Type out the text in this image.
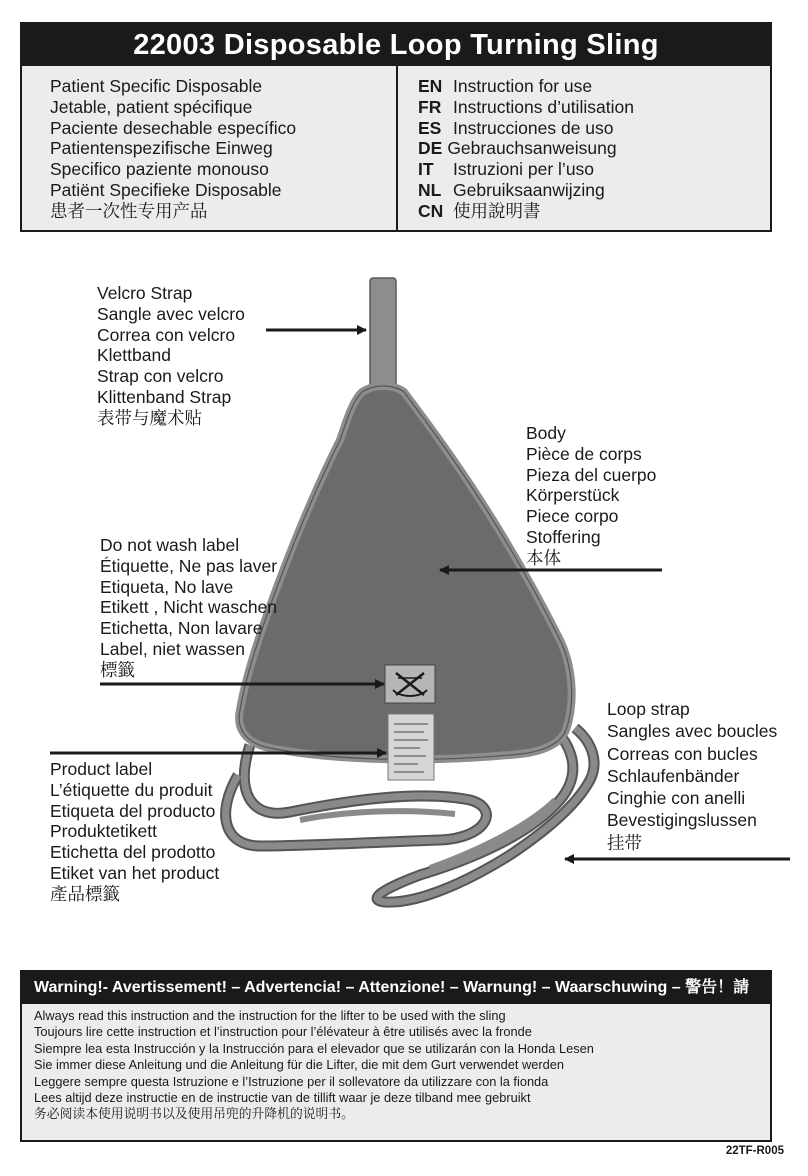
22003 Disposable Loop Turning Sling
Patient Specific Disposable
Jetable, patient spécifique
Paciente desechable específico
Patientenspezifische Einweg
Specifico paziente monouso
Patiënt Specifieke Disposable
患者一次性专用产品
EN Instruction for use
FR Instructions d’utilisation
ES Instrucciones de uso
DE Gebrauchsanweisung
IT Istruzioni per l’uso
NL Gebruiksaanwijzing
CN 使用說明書
Velcro Strap
Sangle avec velcro
Correa con velcro
Klettband
Strap con velcro
Klittenband Strap
表带与魔术贴
Body
Pièce de corps
Pieza del cuerpo
Körperstück
Piece corpo
Stoffering
本体
Do not wash label
Étiquette, Ne pas laver
Etiqueta, No lave
Etikett , Nicht waschen
Etichetta, Non lavare
Label, niet wassen
標籤
Loop strap
Sangles avec boucles
Correas con bucles
Schlaufenbänder
Cinghie con anelli
Bevestigingslussen
挂带
Product label
L’étiquette du produit
Etiqueta del producto
Produktetikett
Etichetta del prodotto
Etiket van het product
產品標籤
Warning!- Avertissement! – Advertencia! – Attenzione! – Warnung! – Waarschuwing – 警告！請
Always read this instruction and the instruction for the lifter to be used with the sling
Toujours lire cette instruction et l’instruction pour l’élévateur à être utilisés avec la fronde
Siempre lea esta Instrucción y la Instrucción para el elevador que se utilizarán con la Honda Lesen
Sie immer diese Anleitung und die Anleitung für die Lifter, die mit dem Gurt verwendet werden
Leggere sempre questa Istruzione e l’Istruzione per il sollevatore da utilizzare con la fionda
Lees altijd deze instructie en de instructie van de tillift waar je deze tilband mee gebruikt
务必阅读本使用说明书以及使用吊兜的升降机的说明书。
22TF-R005
